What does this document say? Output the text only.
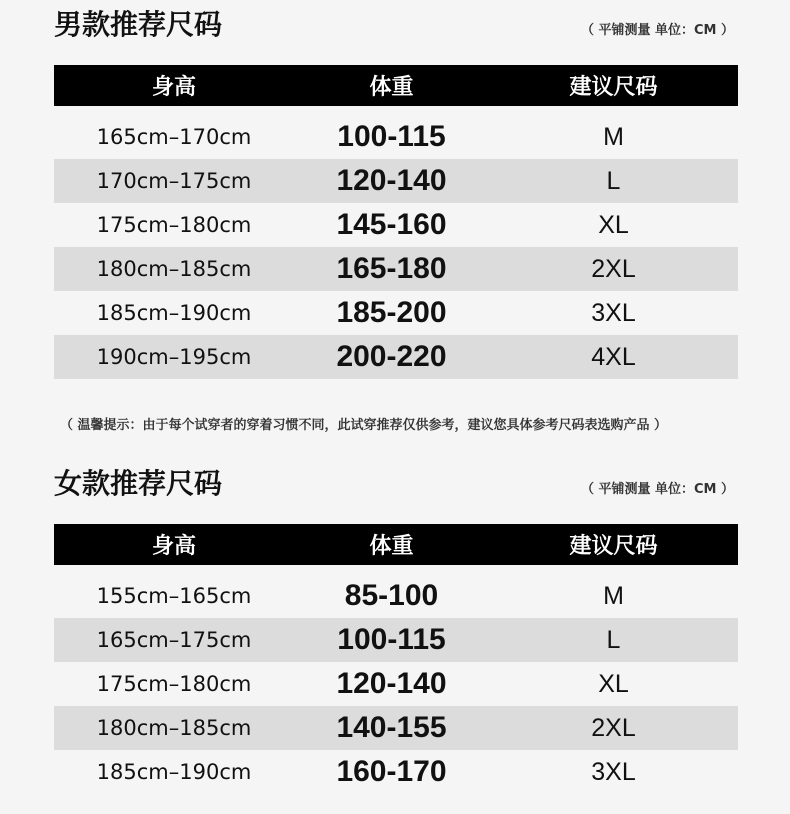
男款推荐尺码	（ 平铺测量 单位：CM ）
身高	体重	建议尺码
165cm–170cm	100-115	M
170cm–175cm	120-140	L
175cm–180cm	145-160	XL
180cm–185cm	165-180	2XL
185cm–190cm	185-200	3XL
190cm–195cm	200-220	4XL
（ 温馨提示：由于每个试穿者的穿着习惯不同，此试穿推荐仅供参考，建议您具体参考尺码表选购产品 ）
女款推荐尺码	（ 平铺测量 单位：CM ）
身高	体重	建议尺码
155cm–165cm	85-100	M
165cm–175cm	100-115	L
175cm–180cm	120-140	XL
180cm–185cm	140-155	2XL
185cm–190cm	160-170	3XL
